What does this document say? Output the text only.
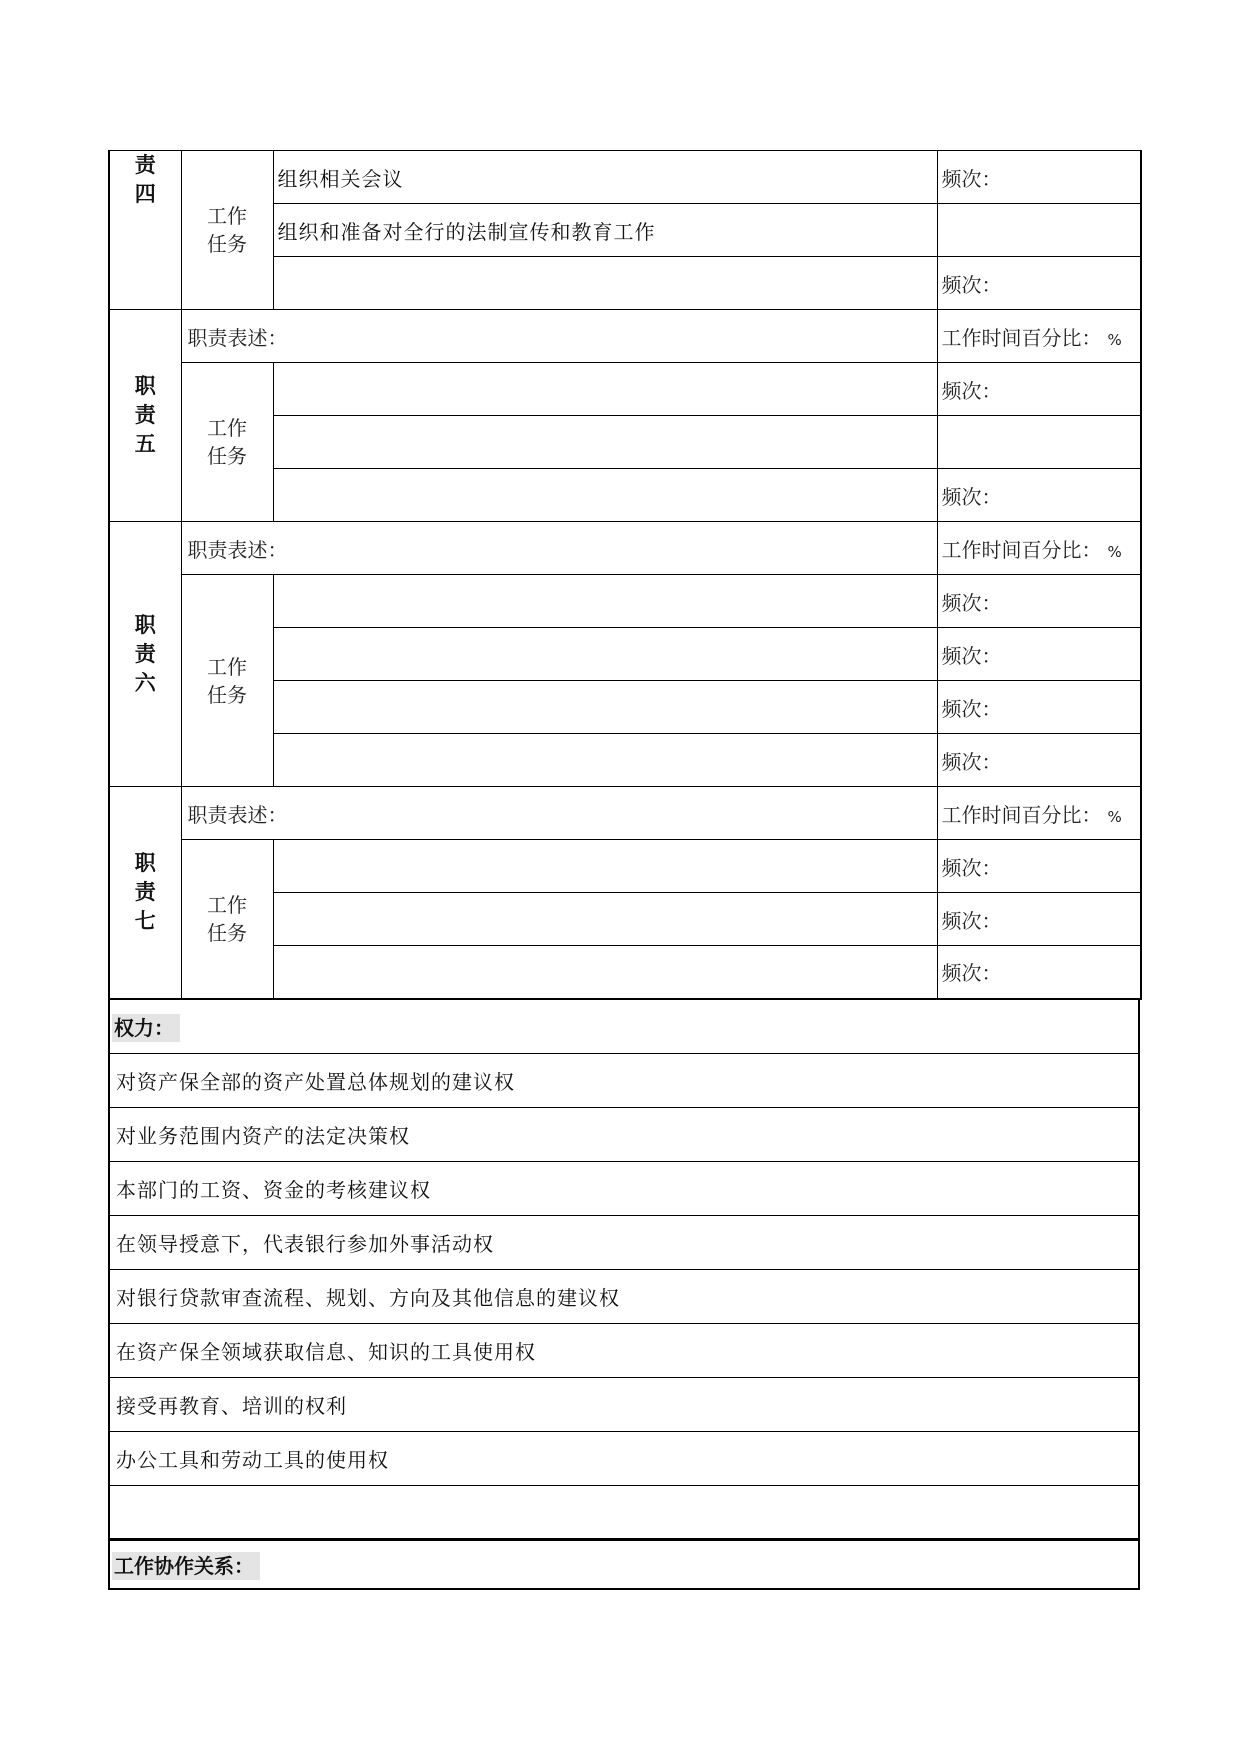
责
四	工作
任务	组织相关会议	频次：
		组织和准备对全行的法制宣传和教育工作	
			频次：

职
责
五	职责表述：		工作时间百分比： %

	工作
任务		频次：

			频次：

职
责
六	职责表述：		工作时间百分比： %

	工作
任务		频次：
			频次：
			频次：
			频次：

职
责
七	职责表述：		工作时间百分比： %

	工作
任务		频次：
			频次：
			频次：
权力：
对资产保全部的资产处置总体规划的建议权
对业务范围内资产的法定决策权
本部门的工资、资金的考核建议权
在领导授意下，代表银行参加外事活动权
对银行贷款审查流程、规划、方向及其他信息的建议权
在资产保全领域获取信息、知识的工具使用权
接受再教育、培训的权利
办公工具和劳动工具的使用权

工作协作关系：
